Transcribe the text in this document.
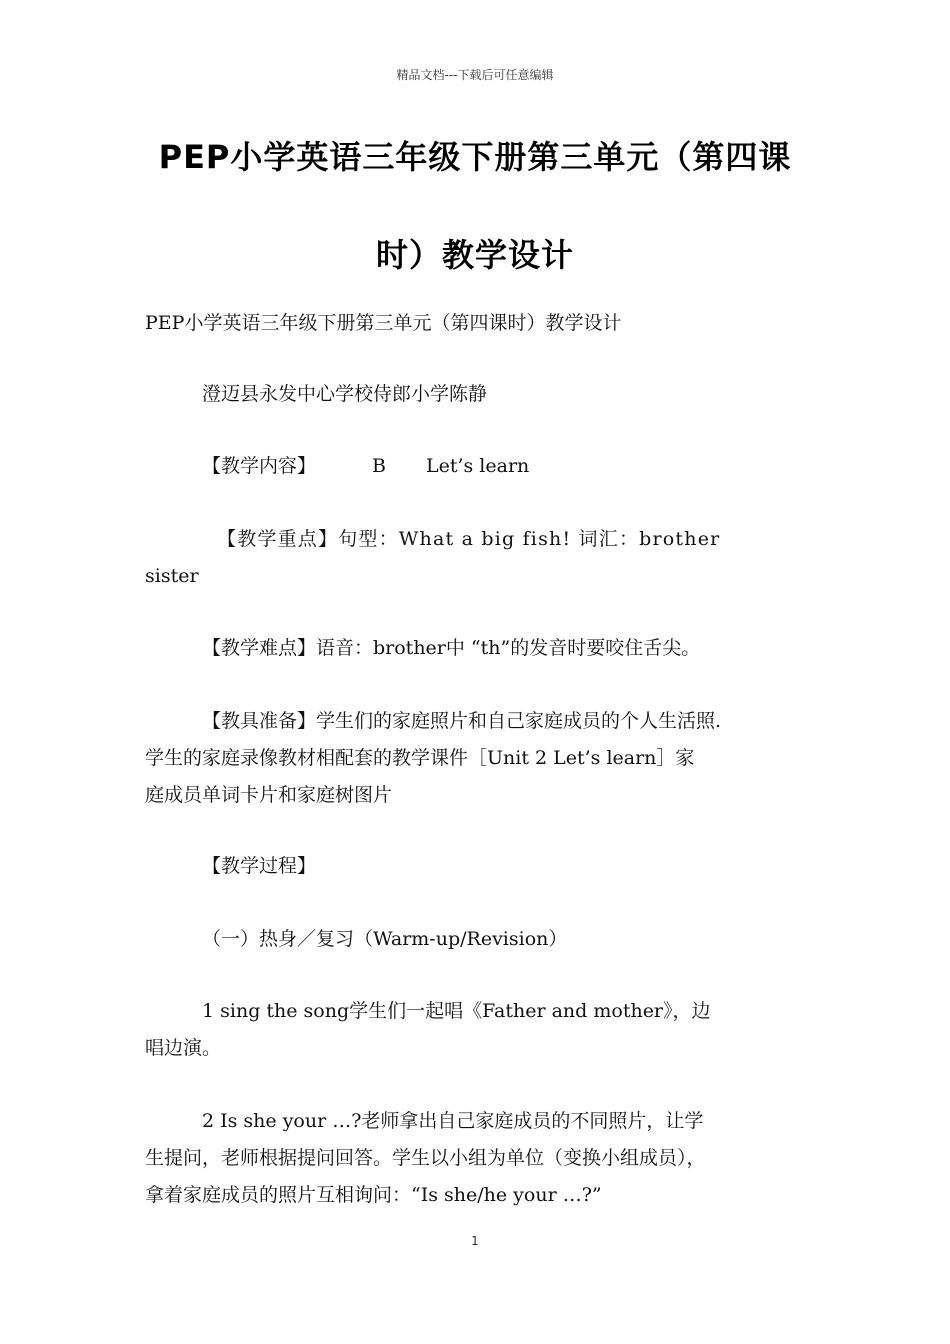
精品文档---下载后可任意编辑
PEP小学英语三年级下册第三单元（第四课
时）教学设计
PEP小学英语三年级下册第三单元（第四课时）教学设计
澄迈县永发中心学校侍郎小学陈静
【教学内容】	B Let’s learn
【教学重点】句型：What a big fish! 词汇：brother
sister
【教学难点】语音：brother中 “th”的发音时要咬住舌尖。
【教具准备】学生们的家庭照片和自己家庭成员的个人生活照.
学生的家庭录像教材相配套的教学课件［Unit 2 Let’s learn］家
庭成员单词卡片和家庭树图片
【教学过程】
（一）热身／复习（Warm-up/Revision）
1 sing the song学生们一起唱《Father and mother》，边
唱边演。
2 Is she your …?老师拿出自己家庭成员的不同照片，让学
生提问，老师根据提问回答。学生以小组为单位（变换小组成员），
拿着家庭成员的照片互相询问：“Is she/he your …?”
1
